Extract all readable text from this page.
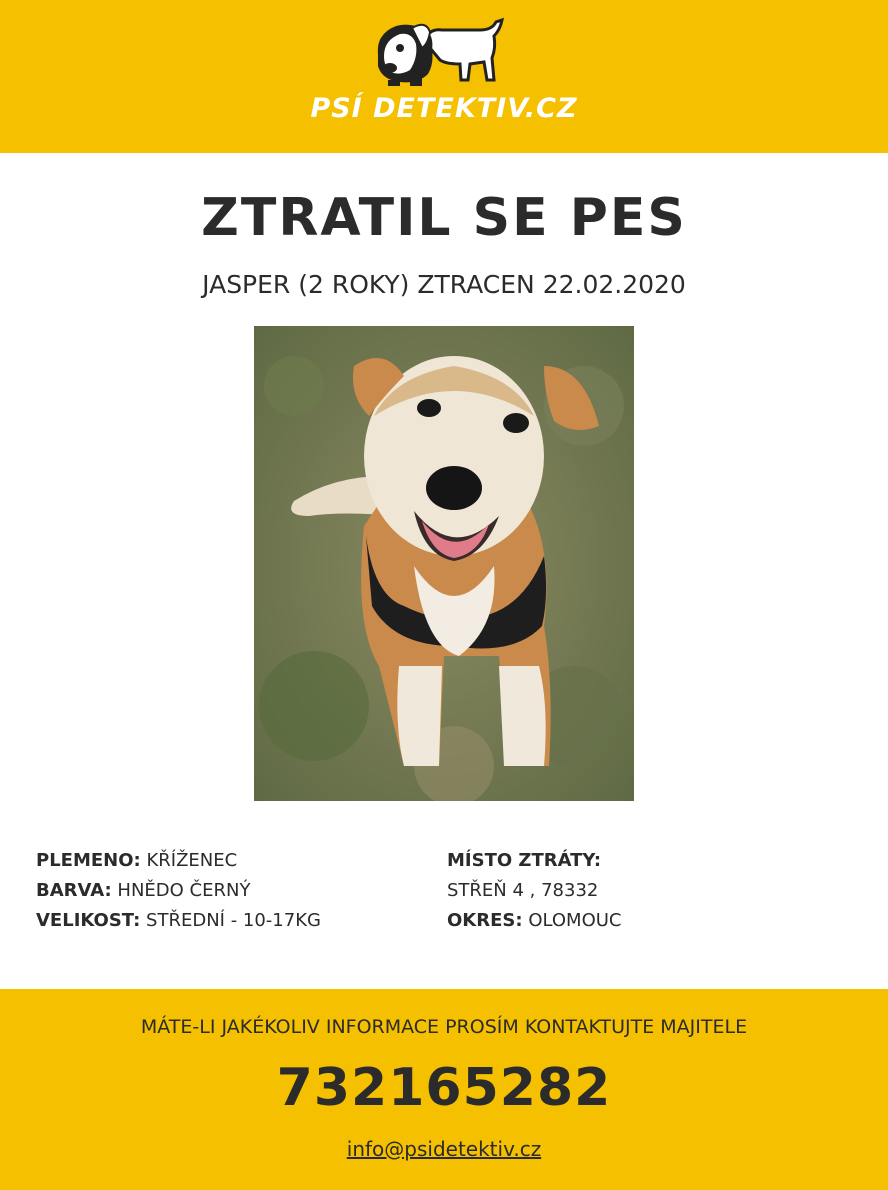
PSÍ DETEKTIV.CZ
ZTRATIL SE PES
JASPER (2 ROKY) ZTRACEN 22.02.2020
PLEMENO: KŘÍŽENEC
BARVA: HNĚDO ČERNÝ
VELIKOST: STŘEDNÍ - 10-17KG
MÍSTO ZTRÁTY:
STŘEŇ 4 , 78332
OKRES: OLOMOUC
MÁTE-LI JAKÉKOLIV INFORMACE PROSÍM KONTAKTUJTE MAJITELE
732165282
info@psidetektiv.cz
